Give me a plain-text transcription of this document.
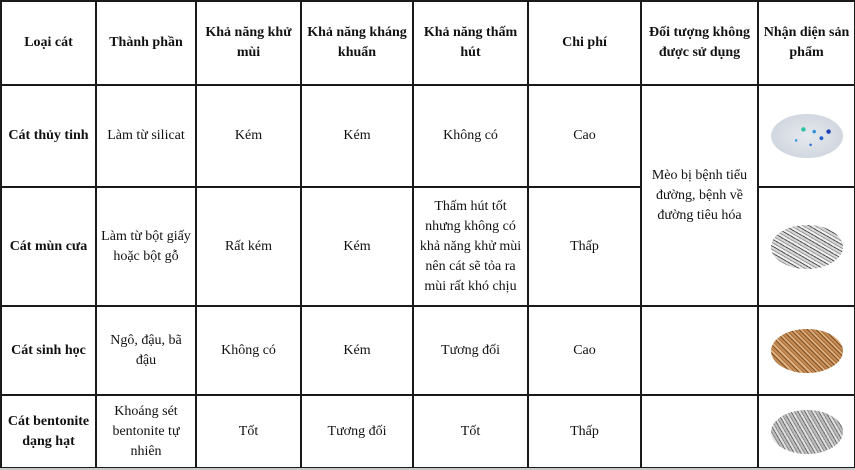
Loại cát	Thành phần	Khả năng khử mùi	Khả năng kháng khuẩn	Khả năng thấm hút	Chi phí	Đối tượng không được sử dụng	Nhận diện sản phẩm
Cát thủy tinh	Làm từ silicat	Kém	Kém	Không có	Cao	Mèo bị bệnh tiểu đường, bệnh về đường tiêu hóa	

Cát mùn cưa	Làm từ bột giấy hoặc bột gỗ	Rất kém	Kém	Thấm hút tốt nhưng không có khả năng khử mùi nên cát sẽ tỏa ra mùi rất khó chịu	Thấp		

Cát sinh học	Ngô, đậu, bã đậu	Không có	Kém	Tương đối	Cao		

Cát bentonite dạng hạt	Khoáng sét bentonite tự nhiên	Tốt	Tương đối	Tốt	Thấp		
